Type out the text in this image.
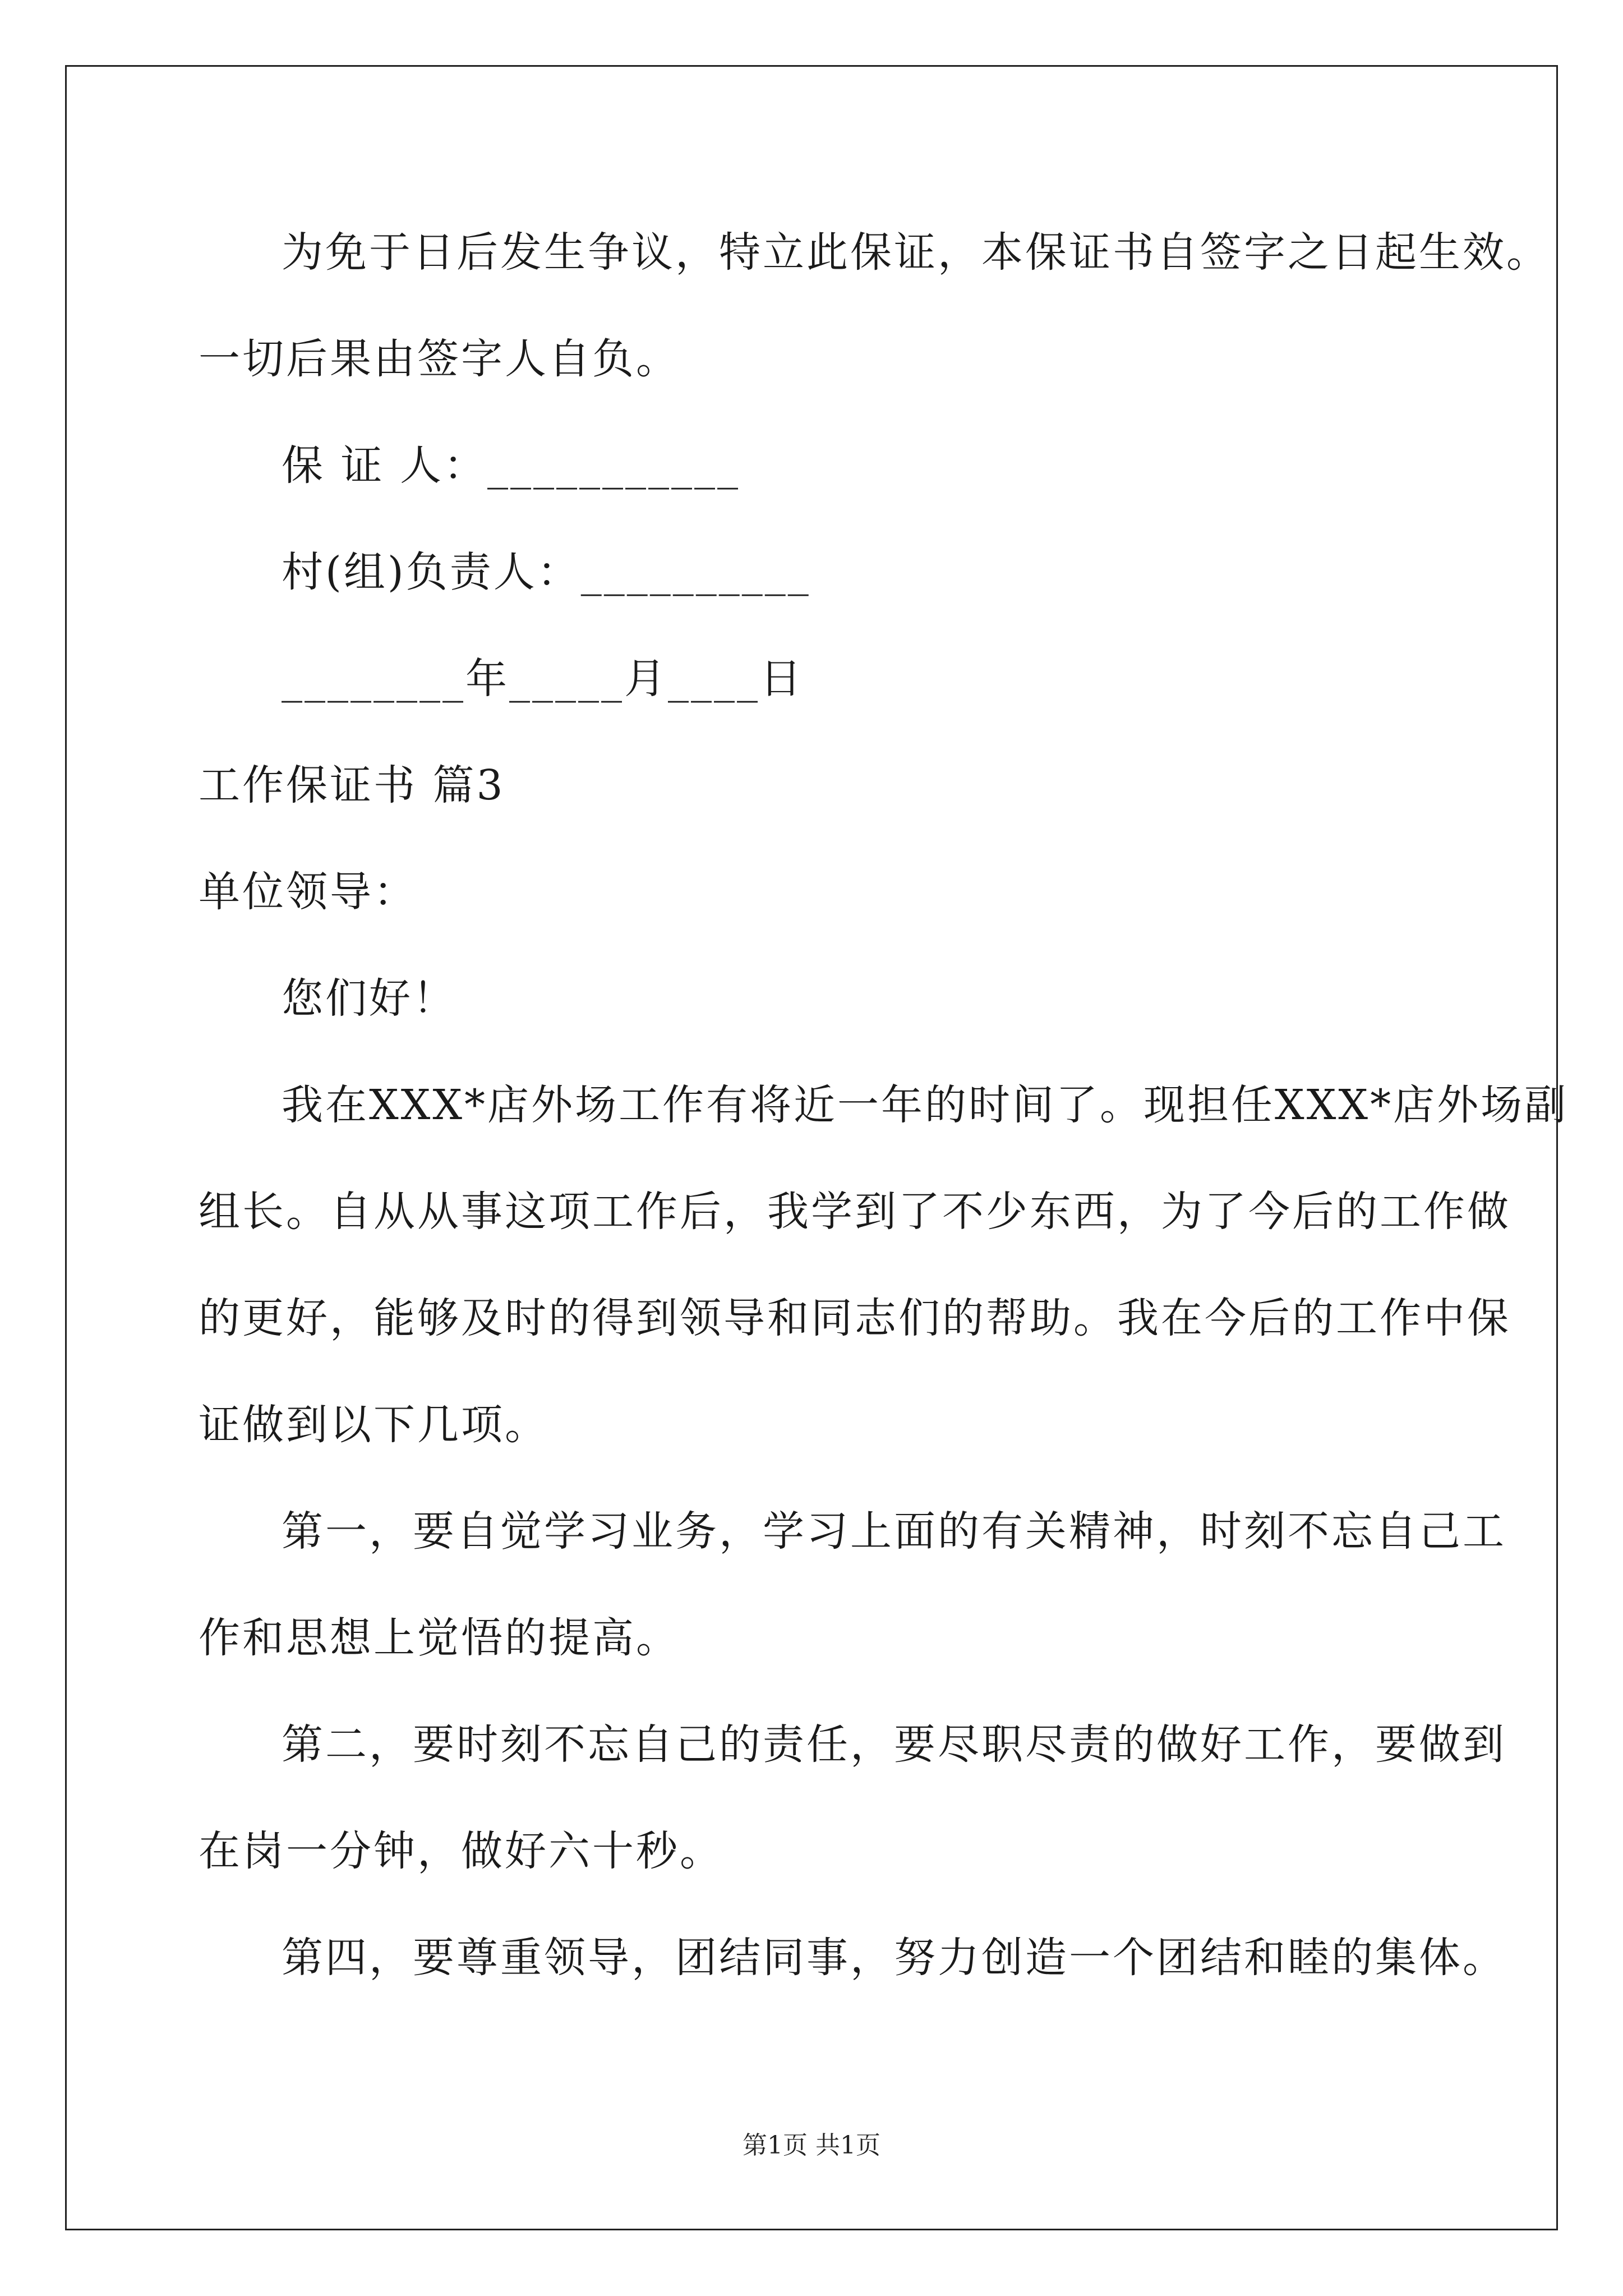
为免于日后发生争议，特立此保证，本保证书自签字之日起生效。
一切后果由签字人自负。
保 证 人：___________
村(组)负责人：__________
________年_____月____日
工作保证书 篇3
单位领导：
您们好！
我在XXX*店外场工作有将近一年的时间了。现担任XXX*店外场副
组长。自从从事这项工作后，我学到了不少东西，为了今后的工作做
的更好，能够及时的得到领导和同志们的帮助。我在今后的工作中保
证做到以下几项。
第一，要自觉学习业务，学习上面的有关精神，时刻不忘自己工
作和思想上觉悟的提高。
第二，要时刻不忘自己的责任，要尽职尽责的做好工作，要做到
在岗一分钟，做好六十秒。
第四，要尊重领导，团结同事，努力创造一个团结和睦的集体。
第1页 共1页
